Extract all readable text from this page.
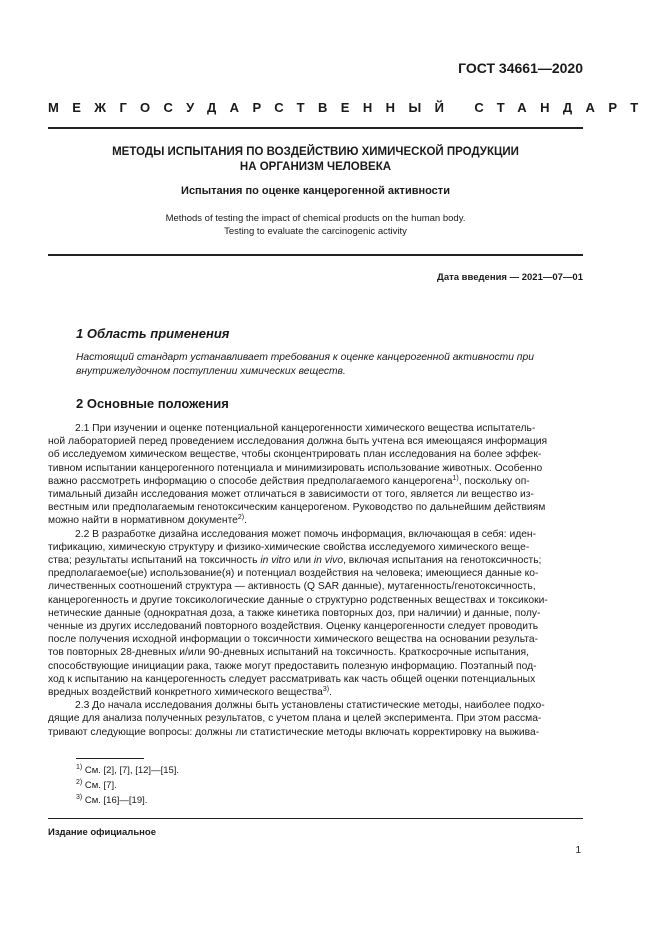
ГОСТ 34661—2020
МЕЖГОСУДАРСТВЕННЫЙ СТАНДАРТ
МЕТОДЫ ИСПЫТАНИЯ ПО ВОЗДЕЙСТВИЮ ХИМИЧЕСКОЙ ПРОДУКЦИИ
НА ОРГАНИЗМ ЧЕЛОВЕКА
Испытания по оценке канцерогенной активности
Methods of testing the impact of chemical products on the human body.
Testing to evaluate the carcinogenic activity
Дата введения — 2021—07—01
1 Область применения
Настоящий стандарт устанавливает требования к оценке канцерогенной активности при
внутрижелудочном поступлении химических веществ.
2 Основные положения
2.1 При изучении и оценке потенциальной канцерогенности химического вещества испытатель-
ной лабораторией перед проведением исследования должна быть учтена вся имеющаяся информация
об исследуемом химическом веществе, чтобы сконцентрировать план исследования на более эффек-
тивном испытании канцерогенного потенциала и минимизировать использование животных. Особенно
важно рассмотреть информацию о способе действия предполагаемого канцерогена$^{1)}$, поскольку оп-
тимальный дизайн исследования может отличаться в зависимости от того, является ли вещество из-
вестным или предполагаемым генотоксическим канцерогеном. Руководство по дальнейшим действиям
можно найти в нормативном документе$^{2)}$.
2.2 В разработке дизайна исследования может помочь информация, включающая в себя: иден-
тификацию, химическую структуру и физико-химические свойства исследуемого химического веще-
ства; результаты испытаний на токсичность in vitro или in vivo, включая испытания на генотоксичность;
предполагаемое(ые) использование(я) и потенциал воздействия на человека; имеющиеся данные ко-
личественных соотношений структура — активность (Q SAR данные), мутагенность/генотоксичность,
канцерогенность и другие токсикологические данные о структурно родственных веществах и токсикоки-
нетические данные (однократная доза, а также кинетика повторных доз, при наличии) и данные, полу-
ченные из других исследований повторного воздействия. Оценку канцерогенности следует проводить
после получения исходной информации о токсичности химического вещества на основании результа-
тов повторных 28-дневных и/или 90-дневных испытаний на токсичность. Краткосрочные испытания,
способствующие инициации рака, также могут предоставить полезную информацию. Поэтапный под-
ход к испытанию на канцерогенность следует рассматривать как часть общей оценки потенциальных
вредных воздействий конкретного химического вещества$^{3)}$.
2.3 До начала исследования должны быть установлены статистические методы, наиболее подхо-
дящие для анализа полученных результатов, с учетом плана и целей эксперимента. При этом рассма-
тривают следующие вопросы: должны ли статистические методы включать корректировку на выжива-
$^{1)}$ См. [2], [7], [12]—[15].
$^{2)}$ См. [7].
$^{3)}$ См. [16]—[19].
Издание официальное
1
